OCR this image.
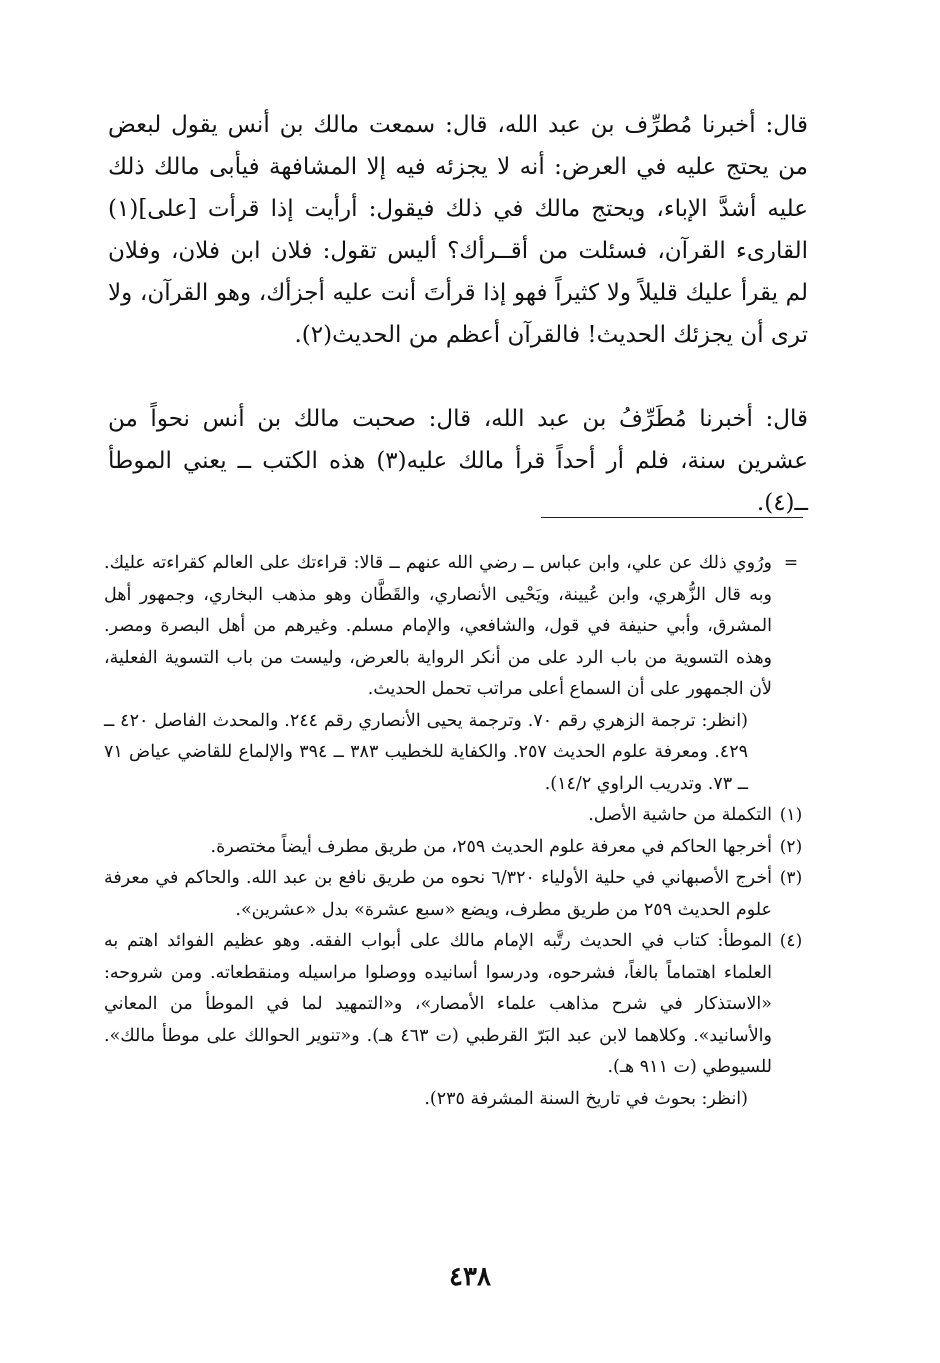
قال: أخبرنا مُطرِّف بن عبد الله، قال: سمعت مالك بن أنس يقول لبعض من يحتج عليه في العرض: أنه لا يجزئه فيه إلا المشافهة فيأبى مالك ذلك عليه أشدَّ الإباء، ويحتج مالك في ذلك فيقول: أرأيت إذا قرأت [على](١) القارىء القرآن، فسئلت من أقــرأك؟ أليس تقول: فلان ابن فلان، وفلان لم يقرأ عليك قليلاً ولا كثيراً فهو إذا قرأتَ أنت عليه أجزأك، وهو القرآن، ولا ترى أن يجزئك الحديث! فالقرآن أعظم من الحديث(٢).

قال: أخبرنا مُطَرِّفُ بن عبد الله، قال: صحبت مالك بن أنس نحواً من عشرين سنة، فلم أر أحداً قرأ مالك عليه(٣) هذه الكتب ــ يعني الموطأ ــ(٤).

=

ورُوي ذلك عن علي، وابن عباس ــ رضي الله عنهم ــ قالا: قراءتك على العالم كقراءته عليك. وبه قال الزُّهري، وابن عُيينة، ويَحْيى الأنصاري، والقَطَّان وهو مذهب البخاري، وجمهور أهل المشرق، وأبي حنيفة في قول، والشافعي، والإمام مسلم. وغيرهم من أهل البصرة ومصر. وهذه التسوية من باب الرد على من أنكر الرواية بالعرض، وليست من باب التسوية الفعلية، لأن الجمهور على أن السماع أعلى مراتب تحمل الحديث.

(انظر: ترجمة الزهري رقم ٧٠. وترجمة يحيى الأنصاري رقم ٢٤٤. والمحدث الفاصل ٤٢٠ ــ ٤٢٩. ومعرفة علوم الحديث ٢٥٧. والكفاية للخطيب ٣٨٣ ــ ٣٩٤ والإلماع للقاضي عياض ٧١ ــ ٧٣. وتدريب الراوي ١٤/٢).

(١)

التكملة من حاشية الأصل.

(٢)

أخرجها الحاكم في معرفة علوم الحديث ٢٥٩، من طريق مطرف أيضاً مختصرة.

(٣)

أخرج الأصبهاني في حلية الأولياء ٦/٣٢٠ نحوه من طريق نافع بن عبد الله. والحاكم في معرفة علوم الحديث ٢٥٩ من طريق مطرف، ويضع «سبع عشرة» بدل «عشرين».

(٤)

الموطأ: كتاب في الحديث رتَّبه الإمام مالك على أبواب الفقه. وهو عظيم الفوائد اهتم به العلماء اهتماماً بالغاً، فشرحوه، ودرسوا أسانيده ووصلوا مراسيله ومنقطعاته. ومن شروحه: «الاستذكار في شرح مذاهب علماء الأمصار»، و«التمهيد لما في الموطأ من المعاني والأسانيد». وكلاهما لابن عبد البَرّ القرطبي (ت ٤٦٣ هـ). و«تنوير الحوالك على موطأ مالك». للسيوطي (ت ٩١١ هـ).

(انظر: بحوث في تاريخ السنة المشرفة ٢٣٥).

٤٣٨
